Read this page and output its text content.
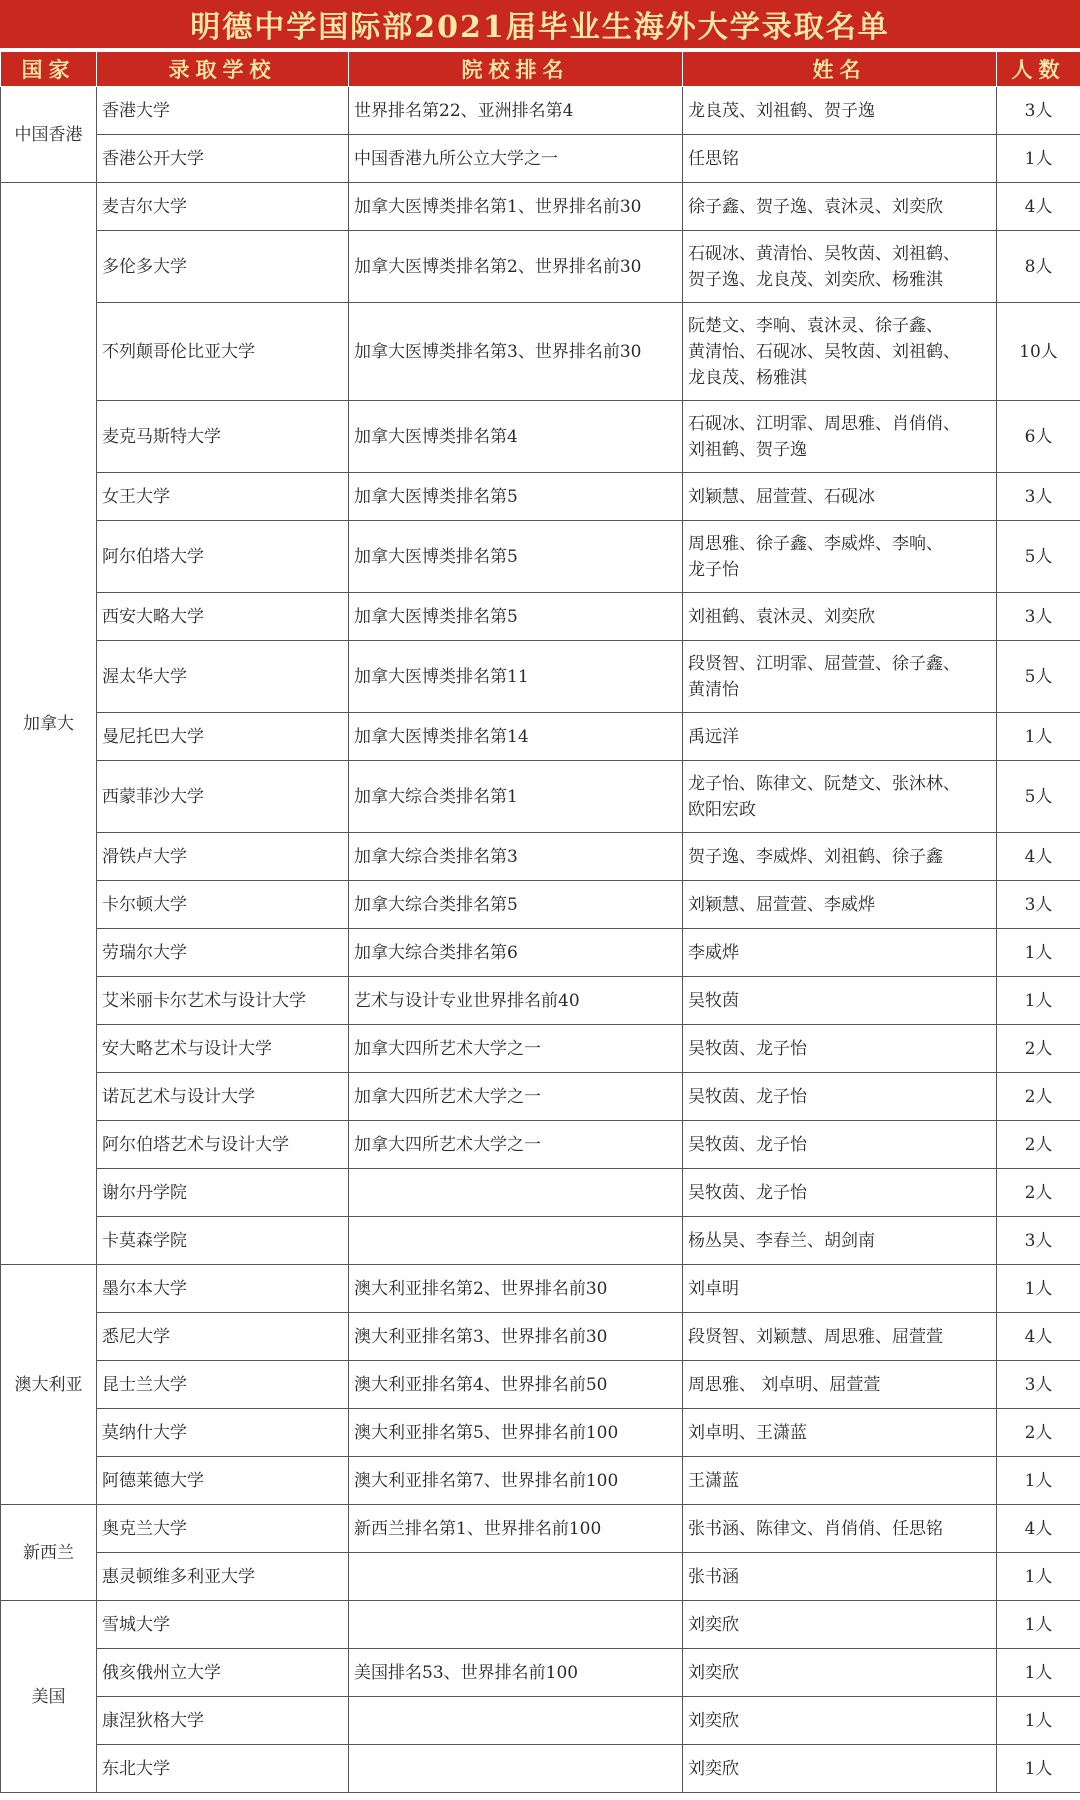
明德中学国际部2021届毕业生海外大学录取名单
国家	录取学校	院校排名	姓名	人数
中国香港	香港大学	世界排名第22、亚洲排名第4	龙良茂、刘祖鹤、贺子逸	3人
	香港公开大学	中国香港九所公立大学之一	任思铭	1人
加拿大	麦吉尔大学	加拿大医博类排名第1、世界排名前30	徐子鑫、贺子逸、袁沐灵、刘奕欣	4人
	多伦多大学	加拿大医博类排名第2、世界排名前30	石砚冰、黄清怡、吴牧茵、刘祖鹤、
贺子逸、龙良茂、刘奕欣、杨雅淇	8人
	不列颠哥伦比亚大学	加拿大医博类排名第3、世界排名前30	阮楚文、李响、袁沐灵、徐子鑫、
黄清怡、石砚冰、吴牧茵、刘祖鹤、
龙良茂、杨雅淇	10人
	麦克马斯特大学	加拿大医博类排名第4	石砚冰、江明霏、周思雅、肖俏俏、
刘祖鹤、贺子逸	6人
	女王大学	加拿大医博类排名第5	刘颖慧、屈萱萱、石砚冰	3人
	阿尔伯塔大学	加拿大医博类排名第5	周思雅、徐子鑫、李威烨、李响、
龙子怡	5人
	西安大略大学	加拿大医博类排名第5	刘祖鹤、袁沐灵、刘奕欣	3人
	渥太华大学	加拿大医博类排名第11	段贤智、江明霏、屈萱萱、徐子鑫、
黄清怡	5人
	曼尼托巴大学	加拿大医博类排名第14	禹远洋	1人
	西蒙菲沙大学	加拿大综合类排名第1	龙子怡、陈律文、阮楚文、张沐林、
欧阳宏政	5人
	滑铁卢大学	加拿大综合类排名第3	贺子逸、李威烨、刘祖鹤、徐子鑫	4人
	卡尔顿大学	加拿大综合类排名第5	刘颖慧、屈萱萱、李威烨	3人
	劳瑞尔大学	加拿大综合类排名第6	李威烨	1人
	艾米丽卡尔艺术与设计大学	艺术与设计专业世界排名前40	吴牧茵	1人
	安大略艺术与设计大学	加拿大四所艺术大学之一	吴牧茵、龙子怡	2人
	诺瓦艺术与设计大学	加拿大四所艺术大学之一	吴牧茵、龙子怡	2人
	阿尔伯塔艺术与设计大学	加拿大四所艺术大学之一	吴牧茵、龙子怡	2人
	谢尔丹学院		吴牧茵、龙子怡	2人
	卡莫森学院		杨丛昊、李春兰、胡剑南	3人
澳大利亚	墨尔本大学	澳大利亚排名第2、世界排名前30	刘卓明	1人
	悉尼大学	澳大利亚排名第3、世界排名前30	段贤智、刘颖慧、周思雅、屈萱萱	4人
	昆士兰大学	澳大利亚排名第4、世界排名前50	周思雅、 刘卓明、屈萱萱	3人
	莫纳什大学	澳大利亚排名第5、世界排名前100	刘卓明、王潇蓝	2人
	阿德莱德大学	澳大利亚排名第7、世界排名前100	王潇蓝	1人
新西兰	奥克兰大学	新西兰排名第1、世界排名前100	张书涵、陈律文、肖俏俏、任思铭	4人
	惠灵顿维多利亚大学		张书涵	1人
美国	雪城大学		刘奕欣	1人
	俄亥俄州立大学	美国排名53、世界排名前100	刘奕欣	1人
	康涅狄格大学		刘奕欣	1人
	东北大学		刘奕欣	1人
